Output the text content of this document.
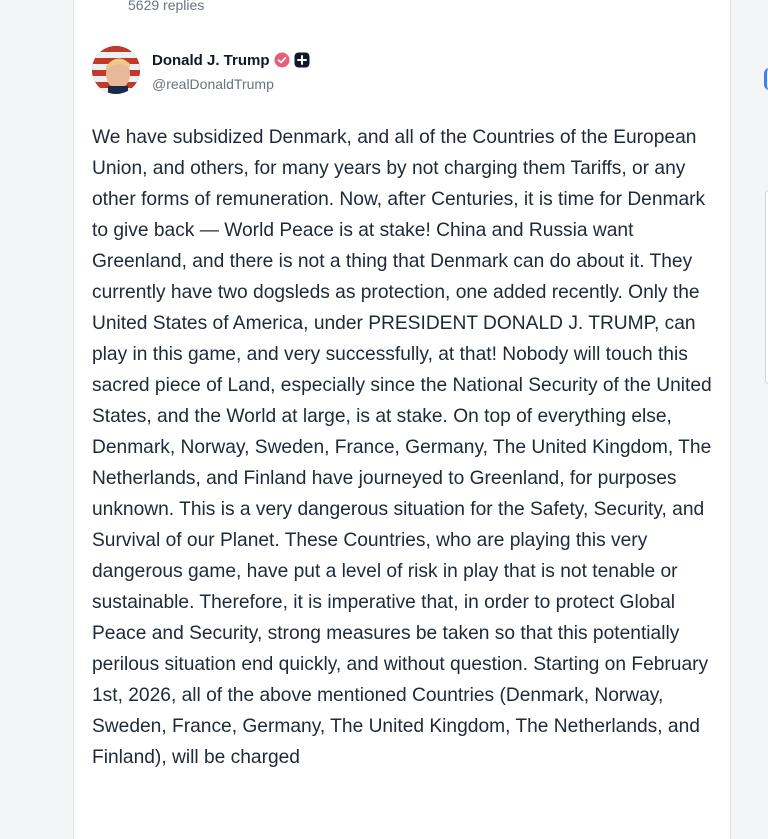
5629 replies
Donald J. Trump
@realDonaldTrump
We have subsidized Denmark, and all of the Countries of the European Union, and others, for many years by not charging them Tariffs, or any other forms of remuneration. Now, after Centuries, it is time for Denmark to give back — World Peace is at stake! China and Russia want Greenland, and there is not a thing that Denmark can do about it. They currently have two dogsleds as protection, one added recently. Only the United States of America, under PRESIDENT DONALD J. TRUMP, can play in this game, and very successfully, at that! Nobody will touch this sacred piece of Land, especially since the National Security of the United States, and the World at large, is at stake. On top of everything else, Denmark, Norway, Sweden, France, Germany, The United Kingdom, The Netherlands, and Finland have journeyed to Greenland, for purposes unknown. This is a very dangerous situation for the Safety, Security, and Survival of our Planet. These Countries, who are playing this very dangerous game, have put a level of risk in play that is not tenable or sustainable. Therefore, it is imperative that, in order to protect Global Peace and Security, strong measures be taken so that this potentially perilous situation end quickly, and without question. Starting on February 1st, 2026, all of the above mentioned Countries (Denmark, Norway, Sweden, France, Germany, The United Kingdom, The Netherlands, and Finland), will be charged
